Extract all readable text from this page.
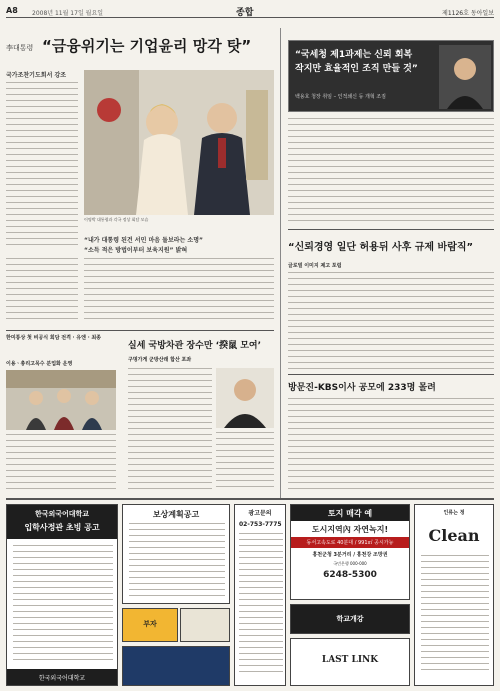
A8 2008년 11월 17일 월요일	종합	제1126호 동아일보
李대통령 “금융위기는 기업윤리 망각 탓”
국가조찬기도회서 강조
이명박 대통령과 각국 정상 회담 모습
“내가 대통령 된건 서민 마음 돌보라는 소명”
“소득 적은 방법이부터 보육지원” 밝혀
“국세청 제1과제는 신뢰 회복
작지만 효율적인 조직 만들 것”
백용호 청장 취임 – 인적쇄신 등 개혁 조짐
“신뢰경영 일단 허용뒤 사후 규제 바람직”
글로벌 이미지 제고 포럼
한미통상 첫 비공식 회담 전격 · 유엔 · 최종
실세 국방차관 장수만 ‘揆鼠 모여’
구멍가게 군방산래 합산 포좌
이용ㆍ총리고목수 분업화 운영
방문진-KBS이사 공모에 233명 몰려
한국외국어대학교
입학사정관 초빙 공고
한국외국어대학교
보상계획공고
부자
광고문의
02-753-7775
학교개강
LAST LINK
토지 매각 예
도시지역內 자연녹지!
동서고속도로 40분대 / 991㎡ 공시가능
홍천군청 3분거리 / 홍천강 조망권
국민은행 000-000
6248-5300
인류는 정
Clean
